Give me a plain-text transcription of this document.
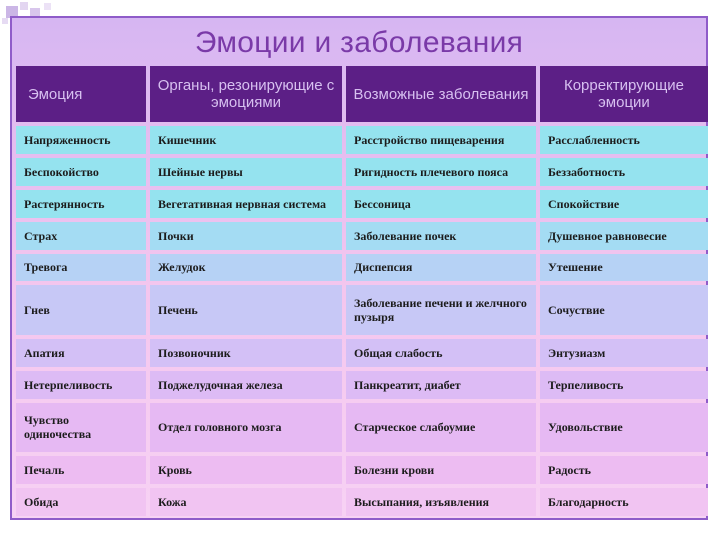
Эмоции и заболевания
Эмоция	Органы, резонирующие с эмоциями	Возможные заболевания	Корректирующие эмоции
Напряженность	Кишечник	Расстройство пищеварения	Расслабленность
Беспокойство	Шейные нервы	Ригидность плечевого пояса	Беззаботность
Растерянность	Вегетативная нервная система	Бессоница	Спокойствие
Страх	Почки	Заболевание почек	Душевное равновесие
Тревога	Желудок	Диспепсия	Утешение
Гнев	Печень	Заболевание печени и желчного пузыря	Сочуствие
Апатия	Позвоночник	Общая слабость	Энтузиазм
Нетерпеливость	Поджелудочная железа	Панкреатит, диабет	Терпеливость
Чувство одиночества	Отдел головного мозга	Старческое слабоумие	Удовольствие
Печаль	Кровь	Болезни крови	Радость
Обида	Кожа	Высыпания, изъявления	Благодарность
